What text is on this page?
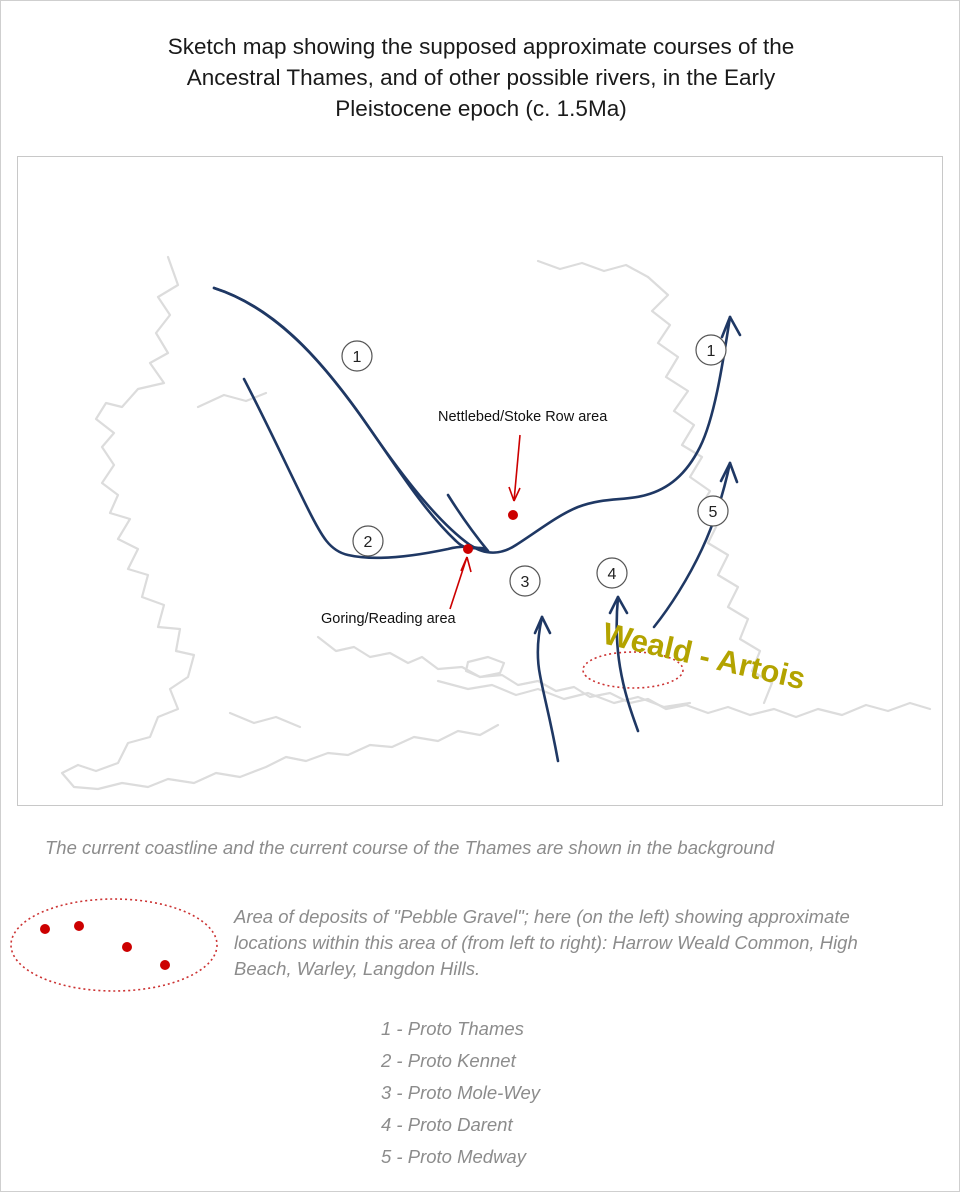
Sketch map showing the supposed approximate courses of the
Ancestral Thames, and of other possible rivers, in the Early
Pleistocene epoch (c. 1.5Ma)
1
2
3	4
5
1
Nettlebed/Stoke Row area
Goring/Reading area	Weald - Artois
The current coastline and the current course of the Thames are shown in the background
Area of deposits of "Pebble Gravel"; here (on the left) showing approximate locations within this area of (from left to right): Harrow Weald Common, High Beach, Warley, Langdon Hills.
1 - Proto Thames
2 - Proto Kennet
3 - Proto Mole-Wey
4 - Proto Darent
5 - Proto Medway
